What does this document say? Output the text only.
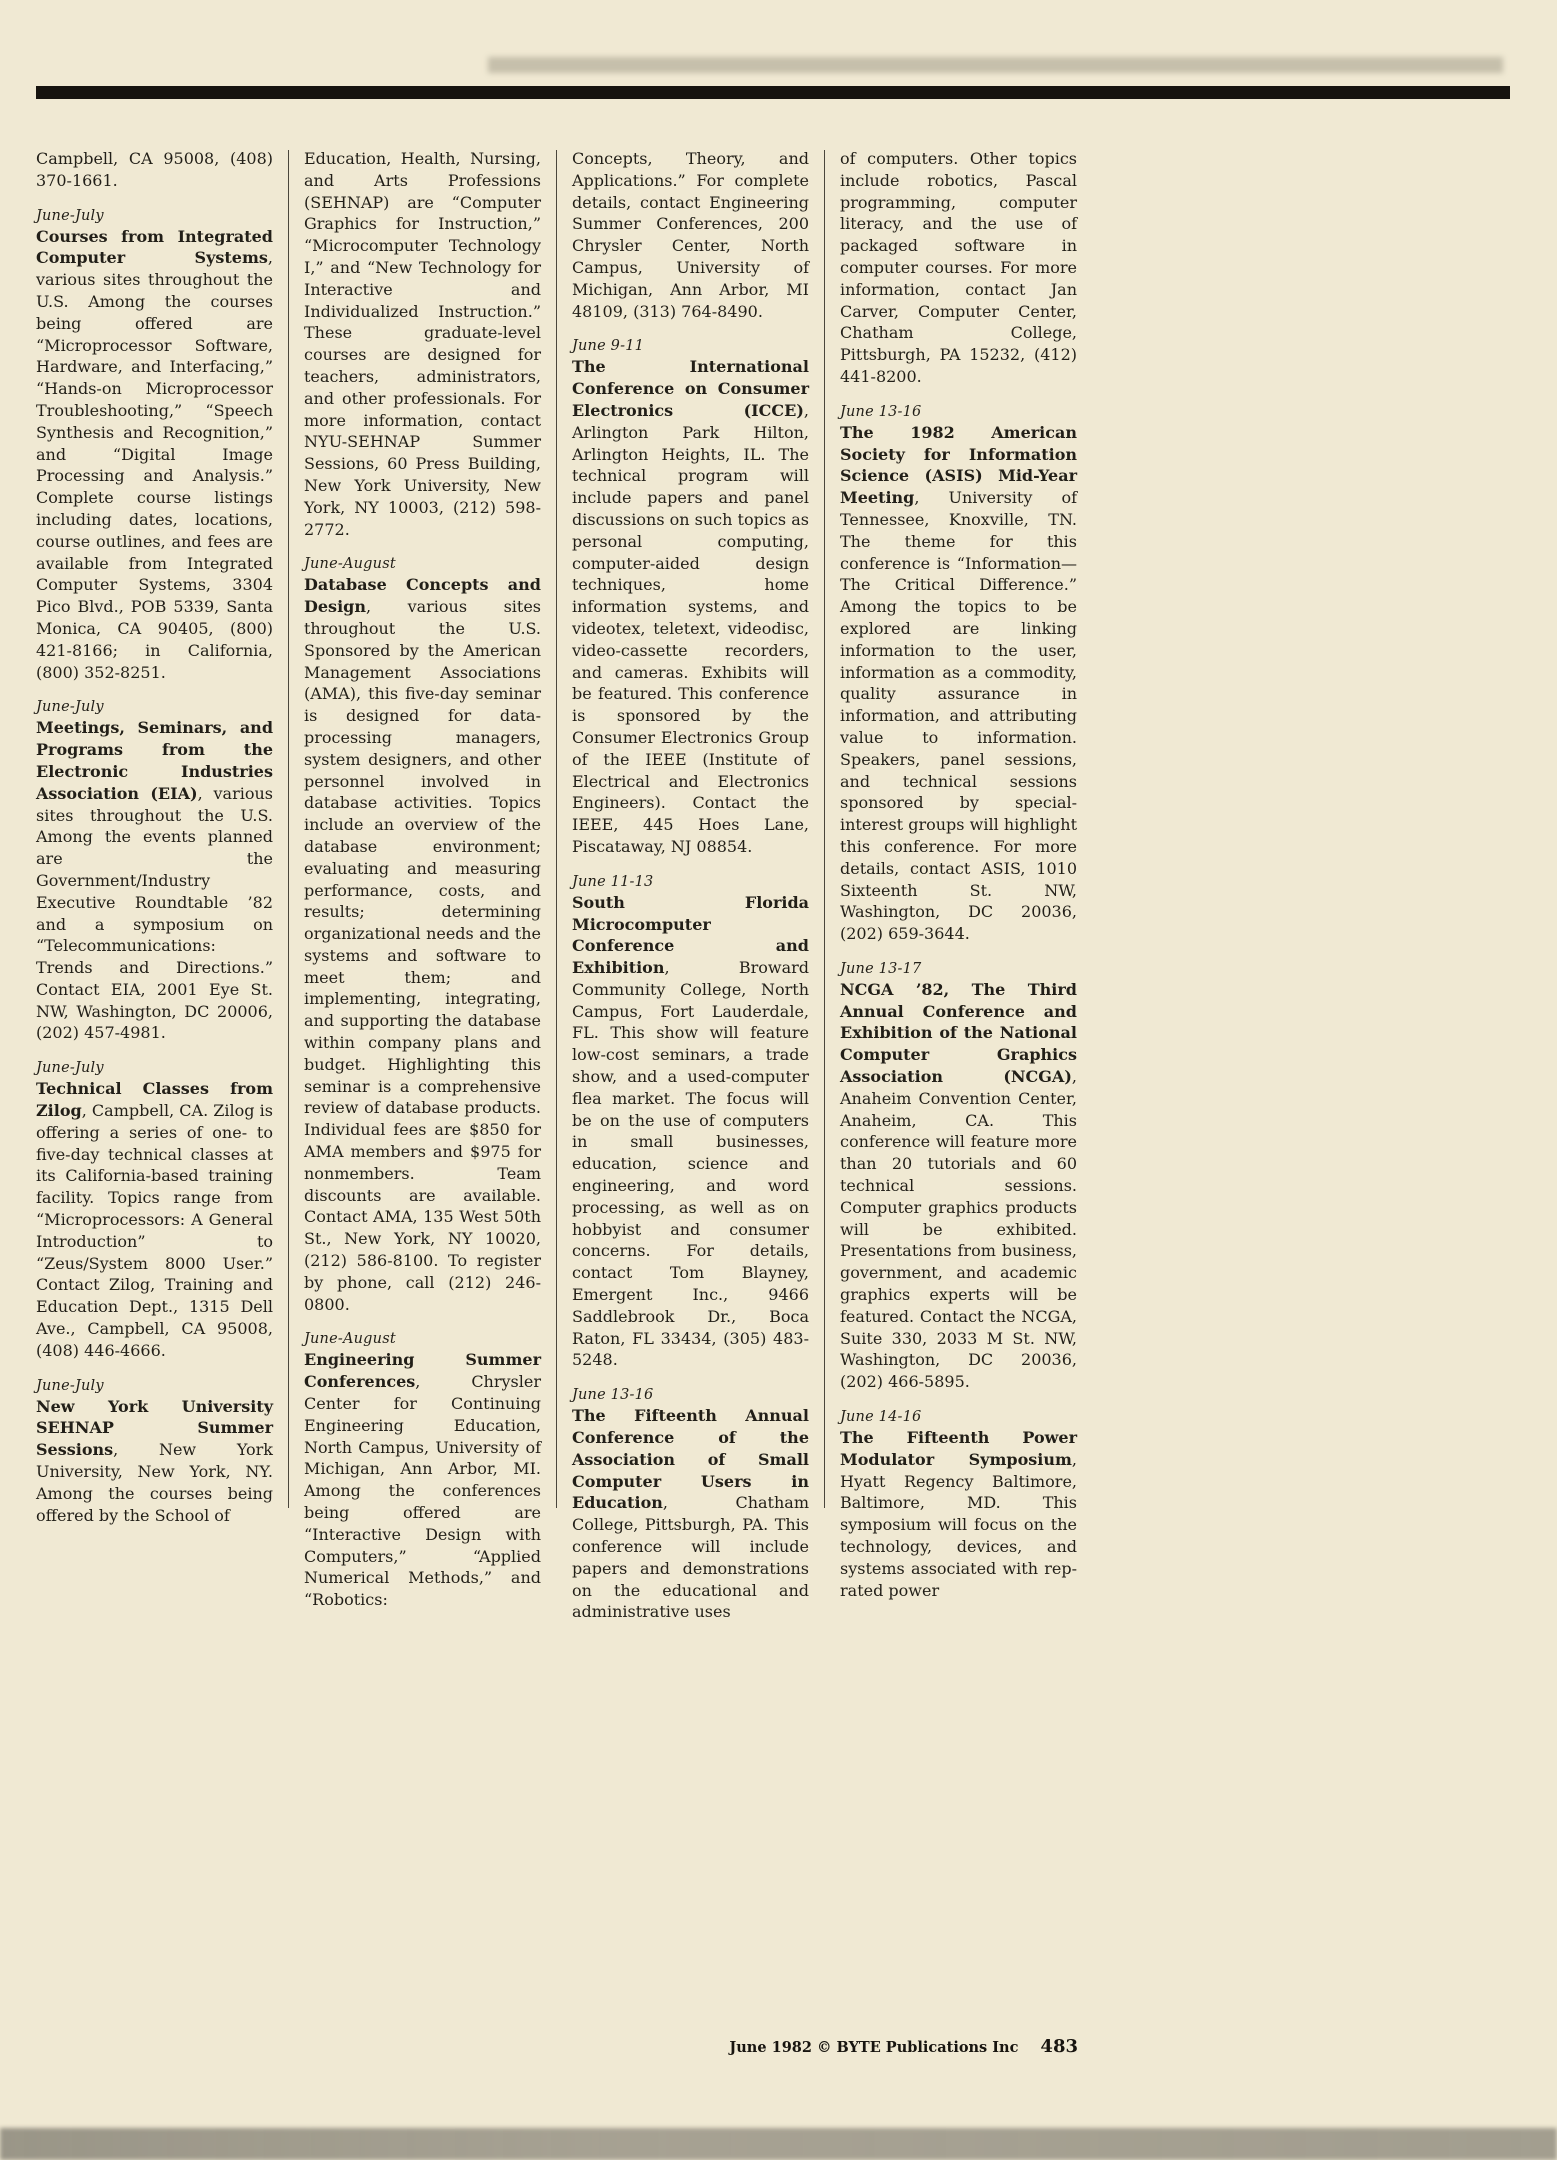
Campbell, CA 95008, (408) 370-1661.

June-July

Courses from Integrated Computer Systems, various sites throughout the U.S. Among the courses being offered are “Microprocessor Software, Hardware, and Interfacing,” “Hands-on Microprocessor Troubleshooting,” “Speech Synthesis and Recognition,” and “Digital Image Processing and Analysis.” Complete course listings including dates, locations, course outlines, and fees are available from Integrated Computer Systems, 3304 Pico Blvd., POB 5339, Santa Monica, CA 90405, (800) 421-8166; in California, (800) 352-8251.

June-July

Meetings, Seminars, and Programs from the Electronic Industries Association (EIA), various sites throughout the U.S. Among the events planned are the Government/Industry Executive Roundtable ’82 and a symposium on “Telecommunications: Trends and Directions.” Contact EIA, 2001 Eye St. NW, Washington, DC 20006, (202) 457-4981.

June-July

Technical Classes from Zilog, Campbell, CA. Zilog is offering a series of one- to five-day technical classes at its California-based training facility. Topics range from “Microprocessors: A General Introduction” to “Zeus/System 8000 User.” Contact Zilog, Training and Education Dept., 1315 Dell Ave., Campbell, CA 95008, (408) 446-4666.

June-July

New York University SEHNAP Summer Sessions, New York University, New York, NY. Among the courses being offered by the School of

Education, Health, Nursing, and Arts Professions (SEHNAP) are “Computer Graphics for Instruction,” “Microcomputer Technology I,” and “New Technology for Interactive and Individualized Instruction.” These graduate-level courses are designed for teachers, administrators, and other professionals. For more information, contact NYU-SEHNAP Summer Sessions, 60 Press Building, New York University, New York, NY 10003, (212) 598-2772.

June-August

Database Concepts and Design, various sites throughout the U.S. Sponsored by the American Management Associations (AMA), this five-day seminar is designed for data-processing managers, system designers, and other personnel involved in database activities. Topics include an overview of the database environment; evaluating and measuring performance, costs, and results; determining organizational needs and the systems and software to meet them; and implementing, integrating, and supporting the database within company plans and budget. Highlighting this seminar is a comprehensive review of database products. Individual fees are $850 for AMA members and $975 for nonmembers. Team discounts are available. Contact AMA, 135 West 50th St., New York, NY 10020, (212) 586-8100. To register by phone, call (212) 246-0800.

June-August

Engineering Summer Conferences, Chrysler Center for Continuing Engineering Education, North Campus, University of Michigan, Ann Arbor, MI. Among the conferences being offered are “Interactive Design with Computers,” “Applied Numerical Methods,” and “Robotics:

Concepts, Theory, and Applications.” For complete details, contact Engineering Summer Conferences, 200 Chrysler Center, North Campus, University of Michigan, Ann Arbor, MI 48109, (313) 764-8490.

June 9-11

The International Conference on Consumer Electronics (ICCE), Arlington Park Hilton, Arlington Heights, IL. The technical program will include papers and panel discussions on such topics as personal computing, computer-aided design techniques, home information systems, and videotex, teletext, videodisc, video-cassette recorders, and cameras. Exhibits will be featured. This conference is sponsored by the Consumer Electronics Group of the IEEE (Institute of Electrical and Electronics Engineers). Contact the IEEE, 445 Hoes Lane, Piscataway, NJ 08854.

June 11-13

South Florida Microcomputer Conference and Exhibition, Broward Community College, North Campus, Fort Lauderdale, FL. This show will feature low-cost seminars, a trade show, and a used-computer flea market. The focus will be on the use of computers in small businesses, education, science and engineering, and word processing, as well as on hobbyist and consumer concerns. For details, contact Tom Blayney, Emergent Inc., 9466 Saddlebrook Dr., Boca Raton, FL 33434, (305) 483-5248.

June 13-16

The Fifteenth Annual Conference of the Association of Small Computer Users in Education, Chatham College, Pittsburgh, PA. This conference will include papers and demonstrations on the educational and administrative uses

of computers. Other topics include robotics, Pascal programming, computer literacy, and the use of packaged software in computer courses. For more information, contact Jan Carver, Computer Center, Chatham College, Pittsburgh, PA 15232, (412) 441-8200.

June 13-16

The 1982 American Society for Information Science (ASIS) Mid-Year Meeting, University of Tennessee, Knoxville, TN. The theme for this conference is “Information—The Critical Difference.” Among the topics to be explored are linking information to the user, information as a commodity, quality assurance in information, and attributing value to information. Speakers, panel sessions, and technical sessions sponsored by special-interest groups will highlight this conference. For more details, contact ASIS, 1010 Sixteenth St. NW, Washington, DC 20036, (202) 659-3644.

June 13-17

NCGA ’82, The Third Annual Conference and Exhibition of the National Computer Graphics Association (NCGA), Anaheim Convention Center, Anaheim, CA. This conference will feature more than 20 tutorials and 60 technical sessions. Computer graphics products will be exhibited. Presentations from business, government, and academic graphics experts will be featured. Contact the NCGA, Suite 330, 2033 M St. NW, Washington, DC 20036, (202) 466-5895.

June 14-16

The Fifteenth Power Modulator Symposium, Hyatt Regency Baltimore, Baltimore, MD. This symposium will focus on the technology, devices, and systems associated with rep-rated power

June 1982 © BYTE Publications Inc 483
